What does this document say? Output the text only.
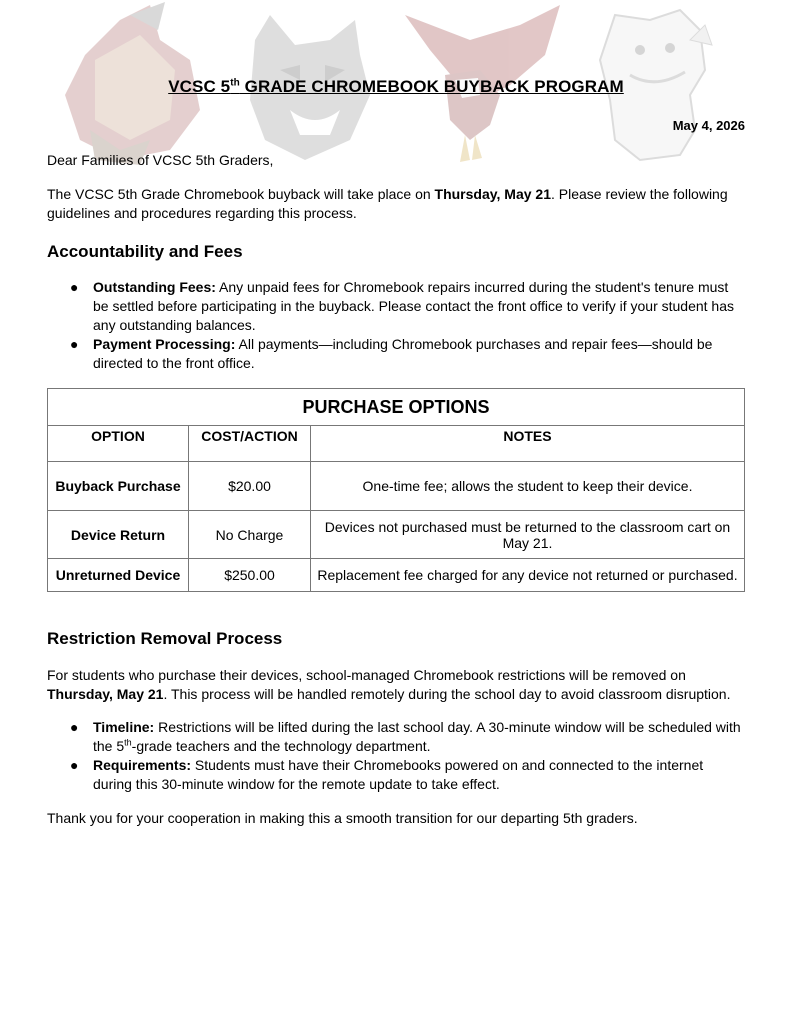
VCSC 5th GRADE CHROMEBOOK BUYBACK PROGRAM
May 4, 2026
Dear Families of VCSC 5th Graders,
The VCSC 5th Grade Chromebook buyback will take place on Thursday, May 21. Please review the following guidelines and procedures regarding this process.
Accountability and Fees
● Outstanding Fees: Any unpaid fees for Chromebook repairs incurred during the student's tenure must be settled before participating in the buyback. Please contact the front office to verify if your student has any outstanding balances.
● Payment Processing: All payments—including Chromebook purchases and repair fees—should be directed to the front office.
PURCHASE OPTIONS		
OPTION	COST/ACTION	NOTES
Buyback Purchase	$20.00	One-time fee; allows the student to keep their device.
Device Return	No Charge	Devices not purchased must be returned to the classroom cart on May 21.
Unreturned Device	$250.00	Replacement fee charged for any device not returned or purchased.
Restriction Removal Process
For students who purchase their devices, school-managed Chromebook restrictions will be removed on Thursday, May 21. This process will be handled remotely during the school day to avoid classroom disruption.
● Timeline: Restrictions will be lifted during the last school day. A 30-minute window will be scheduled with the 5th-grade teachers and the technology department.
● Requirements: Students must have their Chromebooks powered on and connected to the internet during this 30-minute window for the remote update to take effect.
Thank you for your cooperation in making this a smooth transition for our departing 5th graders.
